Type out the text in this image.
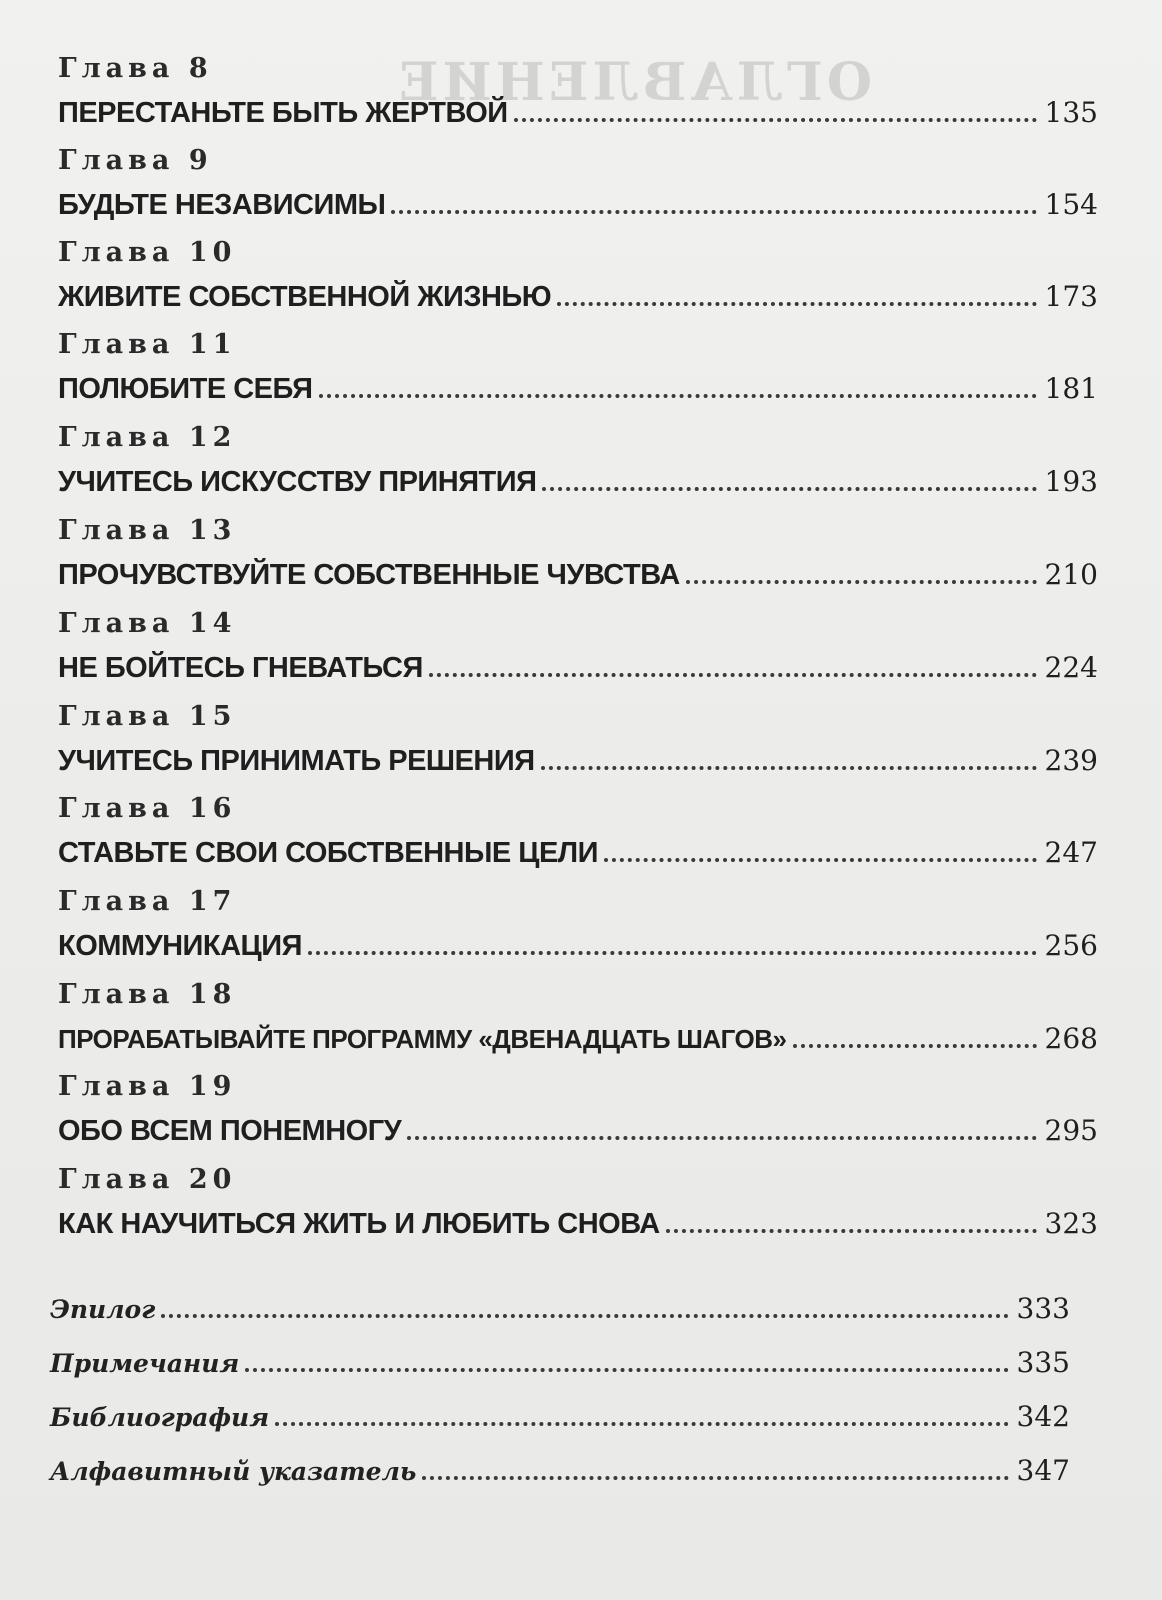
ОГЛАВЛЕНИЕ
Глава 8
ПЕРЕСТАНЬТЕ БЫТЬ ЖЕРТВОЙ	135
Глава 9
БУДЬТЕ НЕЗАВИСИМЫ	154
Глава 10
ЖИВИТЕ СОБСТВЕННОЙ ЖИЗНЬЮ	173
Глава 11
ПОЛЮБИТЕ СЕБЯ	181
Глава 12
УЧИТЕСЬ ИСКУССТВУ ПРИНЯТИЯ	193
Глава 13
ПРОЧУВСТВУЙТЕ СОБСТВЕННЫЕ ЧУВСТВА	210
Глава 14
НЕ БОЙТЕСЬ ГНЕВАТЬСЯ	224
Глава 15
УЧИТЕСЬ ПРИНИМАТЬ РЕШЕНИЯ	239
Глава 16
СТАВЬТЕ СВОИ СОБСТВЕННЫЕ ЦЕЛИ	247
Глава 17
КОММУНИКАЦИЯ	256
Глава 18
ПРОРАБАТЫВАЙТЕ ПРОГРАММУ «ДВЕНАДЦАТЬ ШАГОВ»	268
Глава 19
ОБО ВСЕМ ПОНЕМНОГУ	295
Глава 20
КАК НАУЧИТЬСЯ ЖИТЬ И ЛЮБИТЬ СНОВА	323
Эпилог	333
Примечания	335
Библиография	342
Алфавитный указатель	347
